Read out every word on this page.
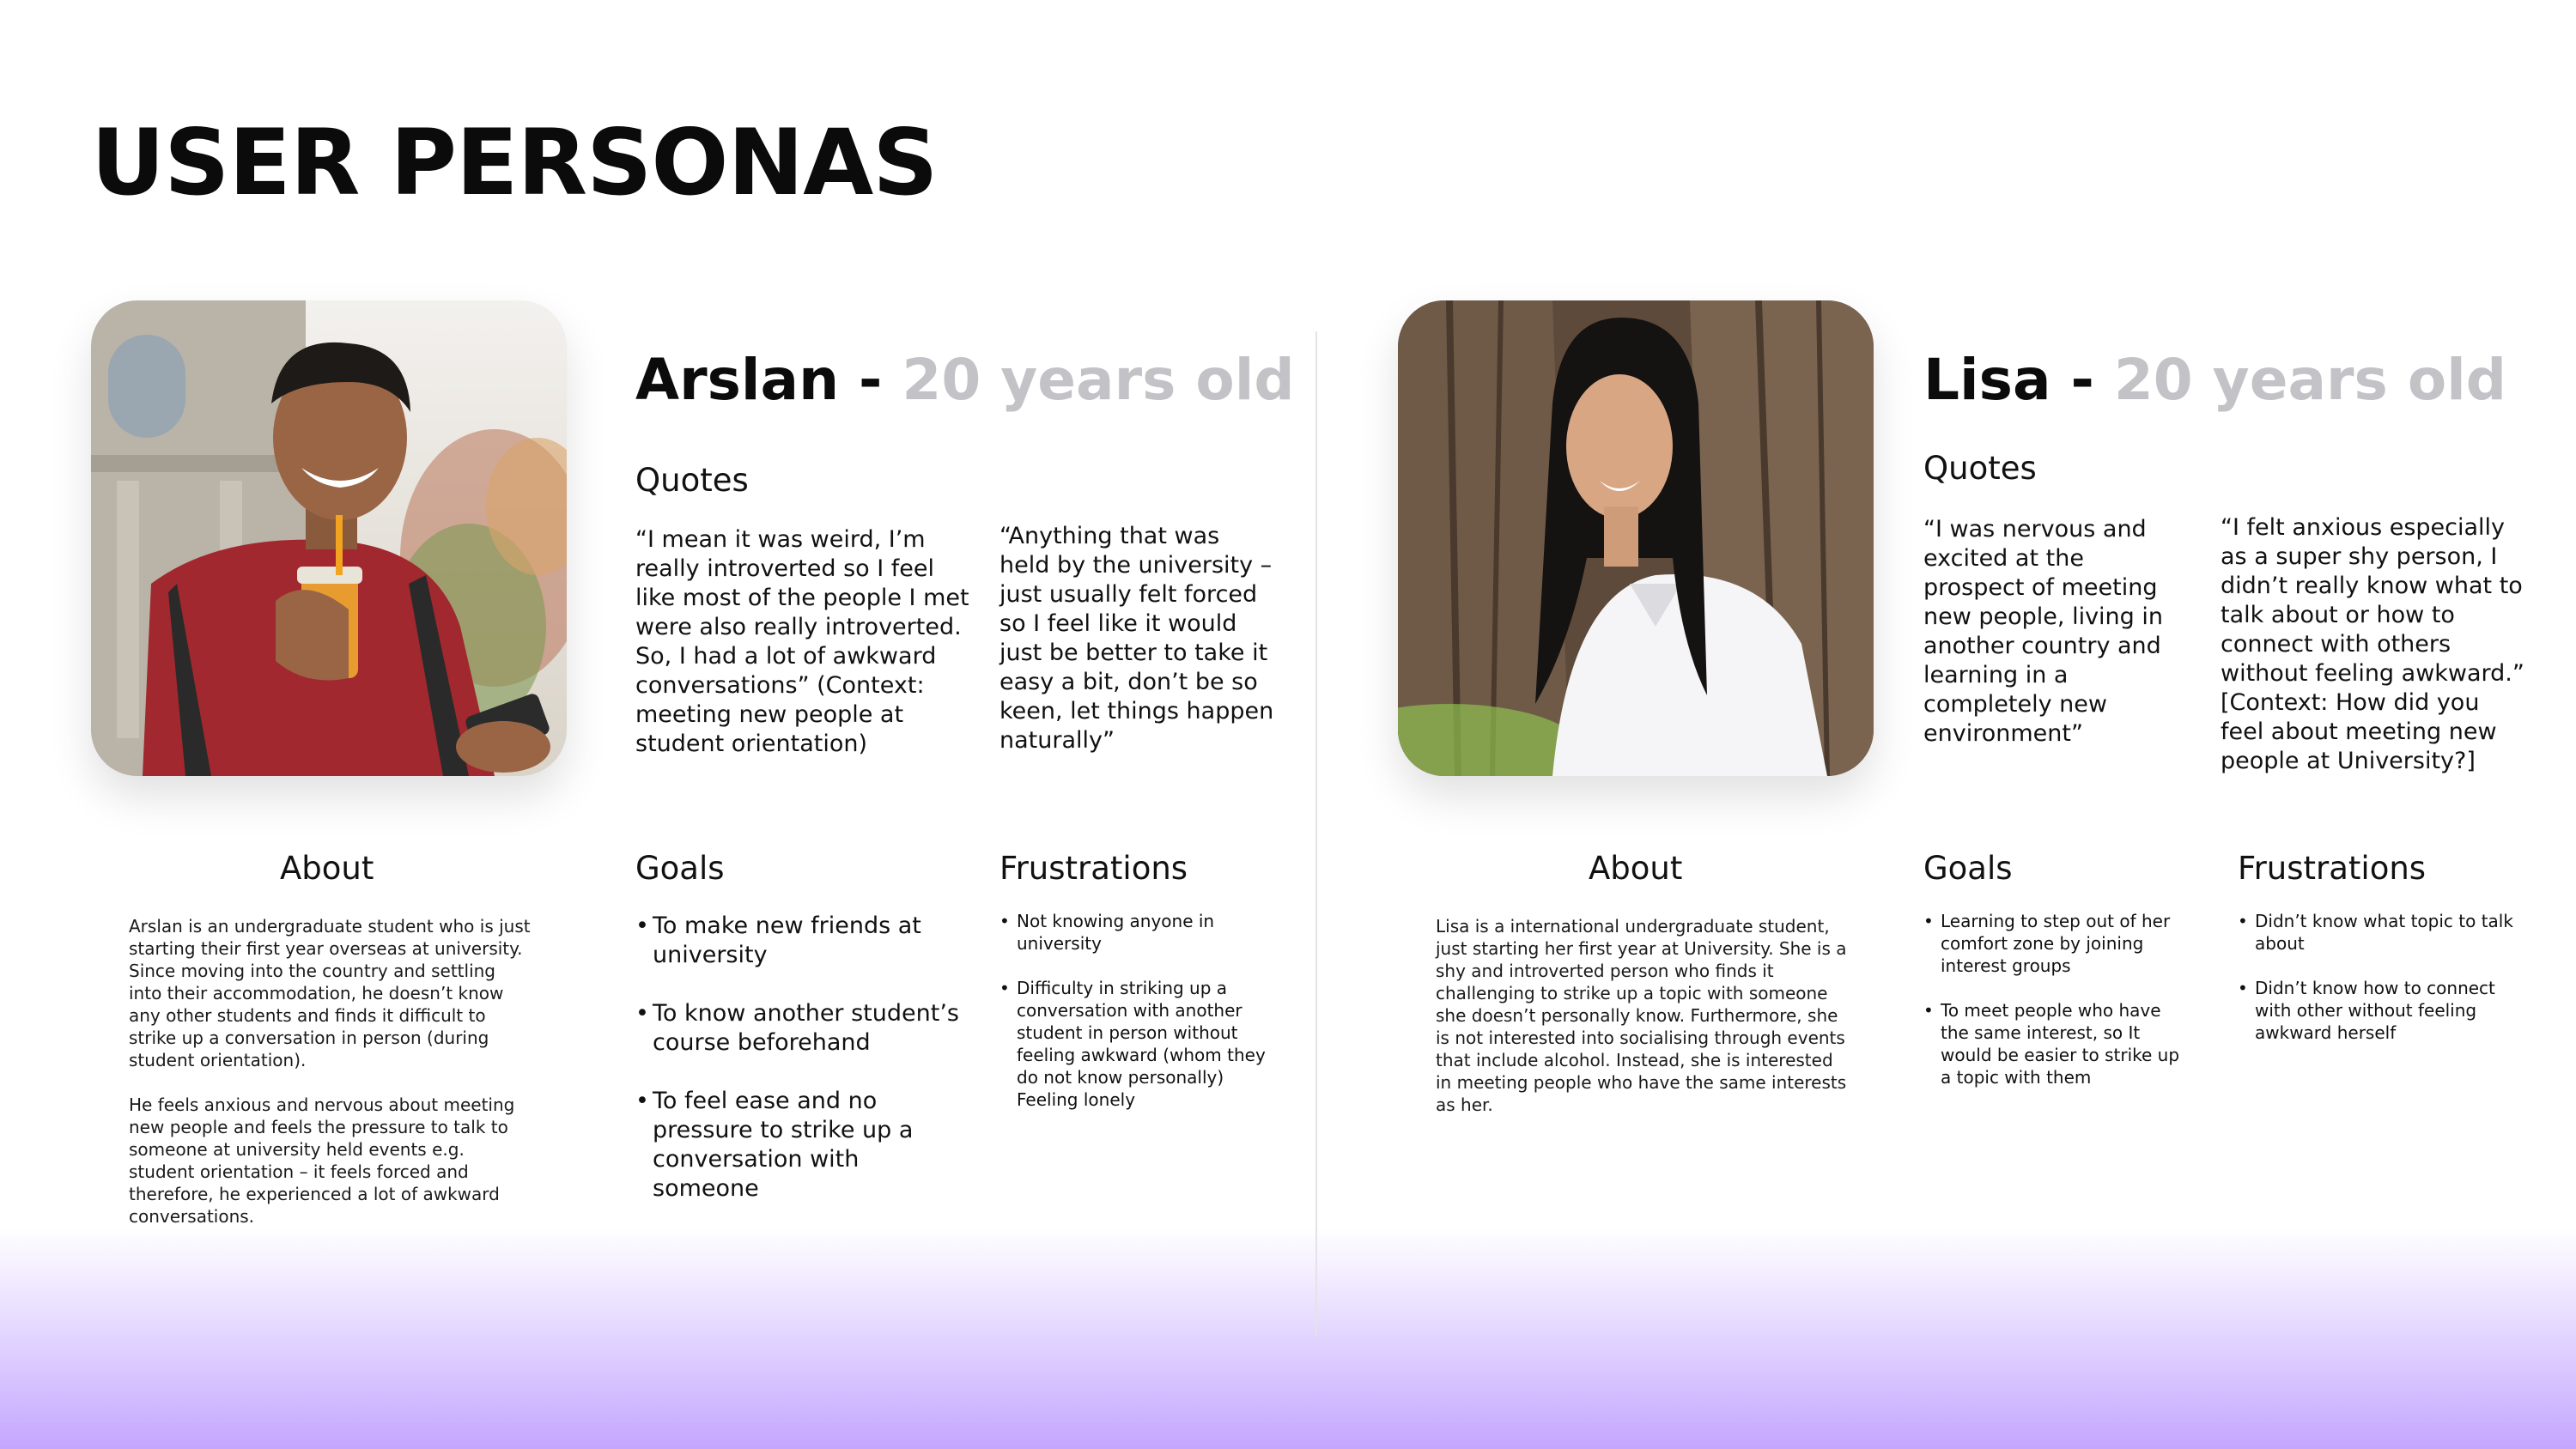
USER PERSONAS
Arslan - 20 years old
Quotes

“I mean it was weird, I’m really introverted so I feel like most of the people I met were also really introverted. So, I had a lot of awkward conversations” (Context: meeting new people at student orientation)

“Anything that was held by the university – just usually felt forced so I feel like it would just be better to take it easy a bit, don’t be so keen, let things happen naturally”

About

Arslan is an undergraduate student who is just starting their first year overseas at university. Since moving into the country and settling into their accommodation, he doesn’t know any other students and finds it difficult to strike up a conversation in person (during student orientation).

He feels anxious and nervous about meeting new people and feels the pressure to talk to someone at university held events e.g. student orientation – it feels forced and therefore, he experienced a lot of awkward conversations.

Goals
• To make new friends at university
• To know another student’s course beforehand
• To feel ease and no pressure to strike up a conversation with someone
Frustrations
• Not knowing anyone in university
• Difficulty in striking up a conversation with another student in person without feeling awkward (whom they do not know personally) Feeling lonely
Lisa - 20 years old
Quotes

“I was nervous and excited at the prospect of meeting new people, living in another country and learning in a completely new environment”

“I felt anxious especially as a super shy person, I didn’t really know what to talk about or how to connect with others without feeling awkward.” [Context: How did you feel about meeting new people at University?]

About

Lisa is a international undergraduate student, just starting her first year at University. She is a shy and introverted person who finds it challenging to strike up a topic with someone she doesn’t personally know. Furthermore, she is not interested into socialising through events that include alcohol. Instead, she is interested in meeting people who have the same interests as her.

Goals
• Learning to step out of her comfort zone by joining interest groups
• To meet people who have the same interest, so It would be easier to strike up a topic with them
Frustrations
• Didn’t know what topic to talk about
• Didn’t know how to connect with other without feeling awkward herself
